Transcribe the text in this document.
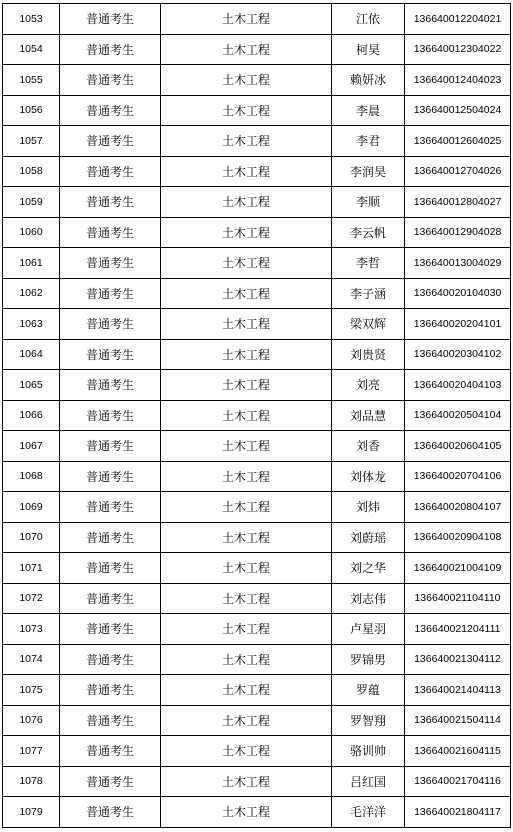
1053	普通考生	土木工程	江依	136640012204021
1054	普通考生	土木工程	柯昊	136640012304022
1055	普通考生	土木工程	赖妍冰	136640012404023
1056	普通考生	土木工程	李晨	136640012504024
1057	普通考生	土木工程	李君	136640012604025
1058	普通考生	土木工程	李润昊	136640012704026
1059	普通考生	土木工程	李顺	136640012804027
1060	普通考生	土木工程	李云帆	136640012904028
1061	普通考生	土木工程	李哲	136640013004029
1062	普通考生	土木工程	李子涵	136640020104030
1063	普通考生	土木工程	梁双辉	136640020204101
1064	普通考生	土木工程	刘贵贤	136640020304102
1065	普通考生	土木工程	刘亮	136640020404103
1066	普通考生	土木工程	刘品慧	136640020504104
1067	普通考生	土木工程	刘香	136640020604105
1068	普通考生	土木工程	刘体龙	136640020704106
1069	普通考生	土木工程	刘炜	136640020804107
1070	普通考生	土木工程	刘蔚瑶	136640020904108
1071	普通考生	土木工程	刘之华	136640021004109
1072	普通考生	土木工程	刘志伟	136640021104110
1073	普通考生	土木工程	卢星羽	136640021204111
1074	普通考生	土木工程	罗锦男	136640021304112
1075	普通考生	土木工程	罗蕴	136640021404113
1076	普通考生	土木工程	罗智翔	136640021504114
1077	普通考生	土木工程	骆训帅	136640021604115
1078	普通考生	土木工程	吕红国	136640021704116
1079	普通考生	土木工程	毛洋洋	136640021804117
